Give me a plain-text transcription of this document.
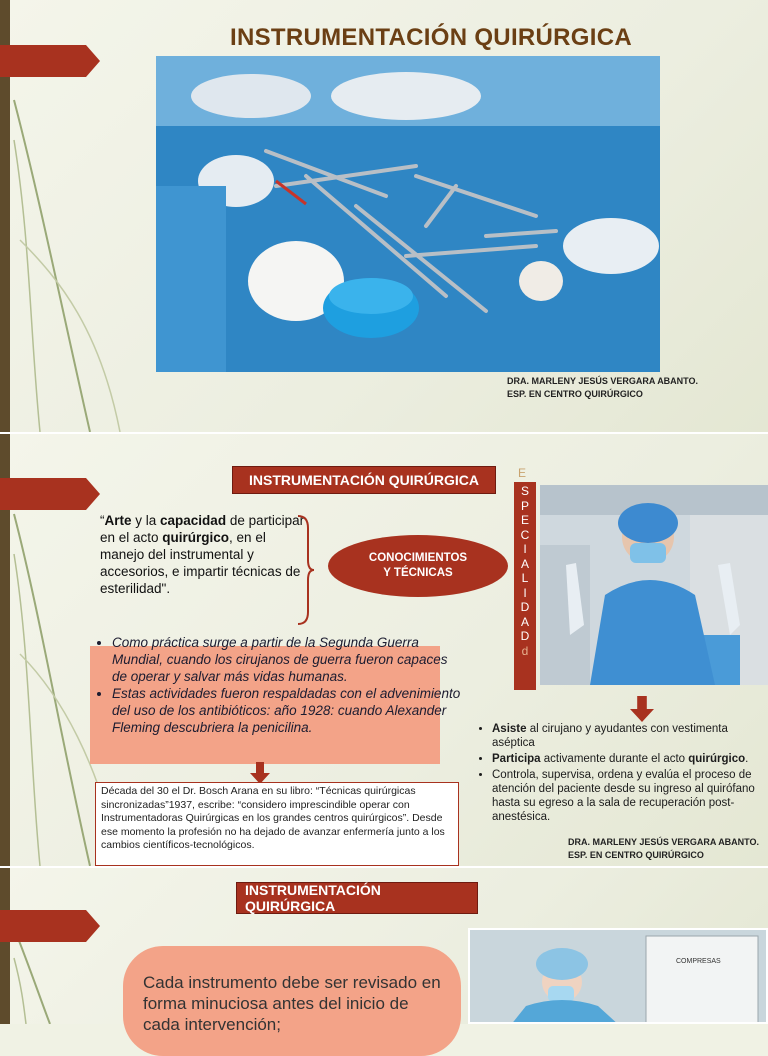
INSTRUMENTACIÓN QUIRÚRGICA
DRA. MARLENY JESÚS VERGARA ABANTO.
ESP. EN CENTRO QUIRÚRGICO
INSTRUMENTACIÓN QUIRÚRGICA
“Arte y la capacidad de participar en el acto quirúrgico, en el manejo del instrumental y accesorios, e impartir técnicas de esterilidad".
CONOCIMIENTOS
Y TÉCNICAS
E
S
P
E
C
I
A
L
I
D
A
D
d
• Como práctica surge a partir de la Segunda Guerra Mundial, cuando los cirujanos de guerra fueron capaces de operar y salvar más vidas humanas.
• Estas actividades fueron respaldadas con el advenimiento del uso de los antibióticos: año 1928: cuando Alexander Fleming descubriera la penicilina.
Década del 30 el Dr. Bosch Arana en su libro: “Técnicas quirúrgicas sincronizadas”1937, escribe: “considero imprescindible operar con Instrumentadoras Quirúrgicas en los grandes centros quirúrgicos”. Desde ese momento la profesión no ha dejado de avanzar enfermería junto a los cambios científicos-tecnológicos.
• Asiste al cirujano y ayudantes con vestimenta aséptica
• Participa activamente durante el acto quirúrgico.
• Controla, supervisa, ordena y evalúa el proceso de atención del paciente desde su ingreso al quirófano hasta su egreso a la sala de recuperación post-anestésica.
DRA. MARLENY JESÚS VERGARA ABANTO.
ESP. EN CENTRO QUIRÚRGICO
INSTRUMENTACIÓN QUIRÚRGICA
Cada instrumento debe ser revisado en forma minuciosa antes del inicio de cada intervención;
COMPRESAS
